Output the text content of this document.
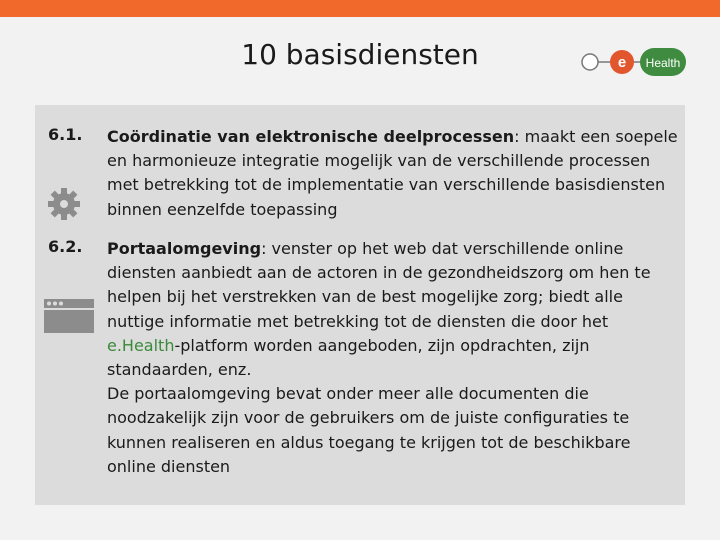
10 basisdiensten	e Health
6.1. Coördinatie van elektronische deelprocessen: maakt een soepele en harmonieuze integratie mogelijk van de verschillende processen met betrekking tot de implementatie van verschillende basisdiensten binnen eenzelfde toepassing

6.2. Portaalomgeving: venster op het web dat verschillende online diensten aanbiedt aan de actoren in de gezondheidszorg om hen te helpen bij het verstrekken van de best mogelijke zorg; biedt alle nuttige informatie met betrekking tot de diensten die door het e.Health-platform worden aangeboden, zijn opdrachten, zijn standaarden, enz.

De portaalomgeving bevat onder meer alle documenten die noodzakelijk zijn voor de gebruikers om de juiste configuraties te kunnen realiseren en aldus toegang te krijgen tot de beschikbare online diensten
